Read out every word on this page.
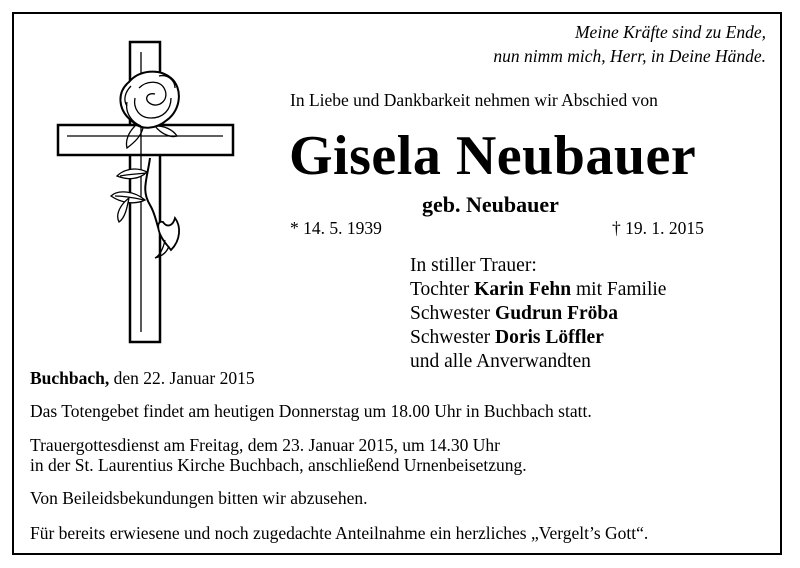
Meine Kräfte sind zu Ende,
nun nimm mich, Herr, in Deine Hände.
In Liebe und Dankbarkeit nehmen wir Abschied von
Gisela Neubauer
geb. Neubauer
* 14. 5. 1939	† 19. 1. 2015
In stiller Trauer:
Tochter Karin Fehn mit Familie
Schwester Gudrun Fröba
Schwester Doris Löffler
und alle Anverwandten
Buchbach, den 22. Januar 2015
Das Totengebet findet am heutigen Donnerstag um 18.00 Uhr in Buchbach statt.
Trauergottesdienst am Freitag, dem 23. Januar 2015, um 14.30 Uhr
in der St. Laurentius Kirche Buchbach, anschließend Urnenbeisetzung.
Von Beileidsbekundungen bitten wir abzusehen.
Für bereits erwiesene und noch zugedachte Anteilnahme ein herzliches „Vergelt’s Gott“.
